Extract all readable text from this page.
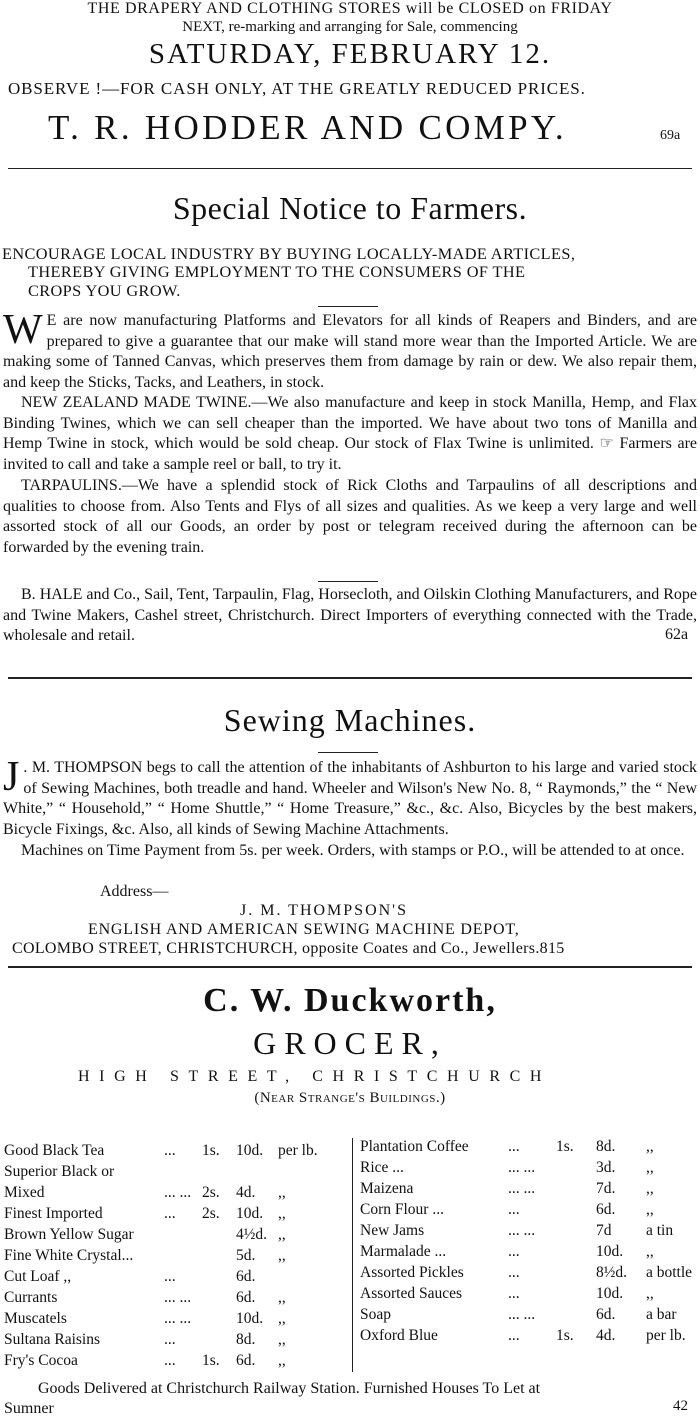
THE DRAPERY AND CLOTHING STORES will be CLOSED on FRIDAY
NEXT, re-marking and arranging for Sale, commencing
SATURDAY, FEBRUARY 12.
OBSERVE !—FOR CASH ONLY, AT THE GREATLY REDUCED PRICES.
T. R. HODDER AND COMPY.	69a
Special Notice to Farmers.
ENCOURAGE LOCAL INDUSTRY BY BUYING LOCALLY-MADE ARTICLES,
THEREBY GIVING EMPLOYMENT TO THE CONSUMERS OF THE
CROPS YOU GROW.
W E are now manufacturing Platforms and Elevators for all kinds of Reapers and Binders, and are prepared to give a guarantee that our make will stand more wear than the Imported Article. We are making some of Tanned Canvas, which preserves them from damage by rain or dew. We also repair them, and keep the Sticks, Tacks, and Leathers, in stock.
NEW ZEALAND MADE TWINE.—We also manufacture and keep in stock Manilla, Hemp, and Flax Binding Twines, which we can sell cheaper than the imported. We have about two tons of Manilla and Hemp Twine in stock, which would be sold cheap. Our stock of Flax Twine is unlimited. ☞ Farmers are invited to call and take a sample reel or ball, to try it.
TARPAULINS.—We have a splendid stock of Rick Cloths and Tarpaulins of all descriptions and qualities to choose from. Also Tents and Flys of all sizes and qualities. As we keep a very large and well assorted stock of all our Goods, an order by post or telegram received during the afternoon can be forwarded by the evening train.
B. HALE and Co., Sail, Tent, Tarpaulin, Flag, Horsecloth, and Oilskin Clothing Manufacturers, and Rope and Twine Makers, Cashel street, Christchurch. Direct Importers of everything connected with the Trade, wholesale and retail.	62a
Sewing Machines.
J . M. THOMPSON begs to call the attention of the inhabitants of Ashburton to his large and varied stock of Sewing Machines, both treadle and hand. Wheeler and Wilson's New No. 8, “ Raymonds,” the “ New White,” “ Household,” “ Home Shuttle,” “ Home Treasure,” &c., &c. Also, Bicycles by the best makers, Bicycle Fixings, &c. Also, all kinds of Sewing Machine Attachments.
Machines on Time Payment from 5s. per week. Orders, with stamps or P.O., will be attended to at once.
Address—
J. M. THOMPSON'S
ENGLISH AND AMERICAN SEWING MACHINE DEPOT,
COLOMBO STREET, CHRISTCHURCH, opposite Coates and Co., Jewellers.815
C. W. Duckworth,
GROCER,
HIGH STREET, CHRISTCHURCH
(Near Strange's Buildings.)
Good Black Tea	... 1s. 10d. per lb.
Superior Black or
Mixed	... ... 2s. 4d. ,,
Finest Imported	... 2s. 10d. ,,
Brown Yellow Sugar	4½d. ,,
Fine White Crystal...	5d. ,,
Cut Loaf ,,	...	6d.
Currants	... ...	6d. ,,
Muscatels	... ...	10d. ,,
Sultana Raisins	...	8d. ,,
Fry's Cocoa	... 1s. 6d. ,,
Plantation Coffee	... 1s. 8d. ,,
Rice ...	... ...	3d. ,,
Maizena	... ...	7d. ,,
Corn Flour ...	...	6d. ,,
New Jams	... ...	7d a tin
Marmalade ...	...	10d. ,,
Assorted Pickles	...	8½d. a bottle
Assorted Sauces	...	10d. ,,
Soap	... ...	6d. a bar
Oxford Blue	... 1s. 4d. per lb.
Goods Delivered at Christchurch Railway Station. Furnished Houses To Let at
Sumner	42
